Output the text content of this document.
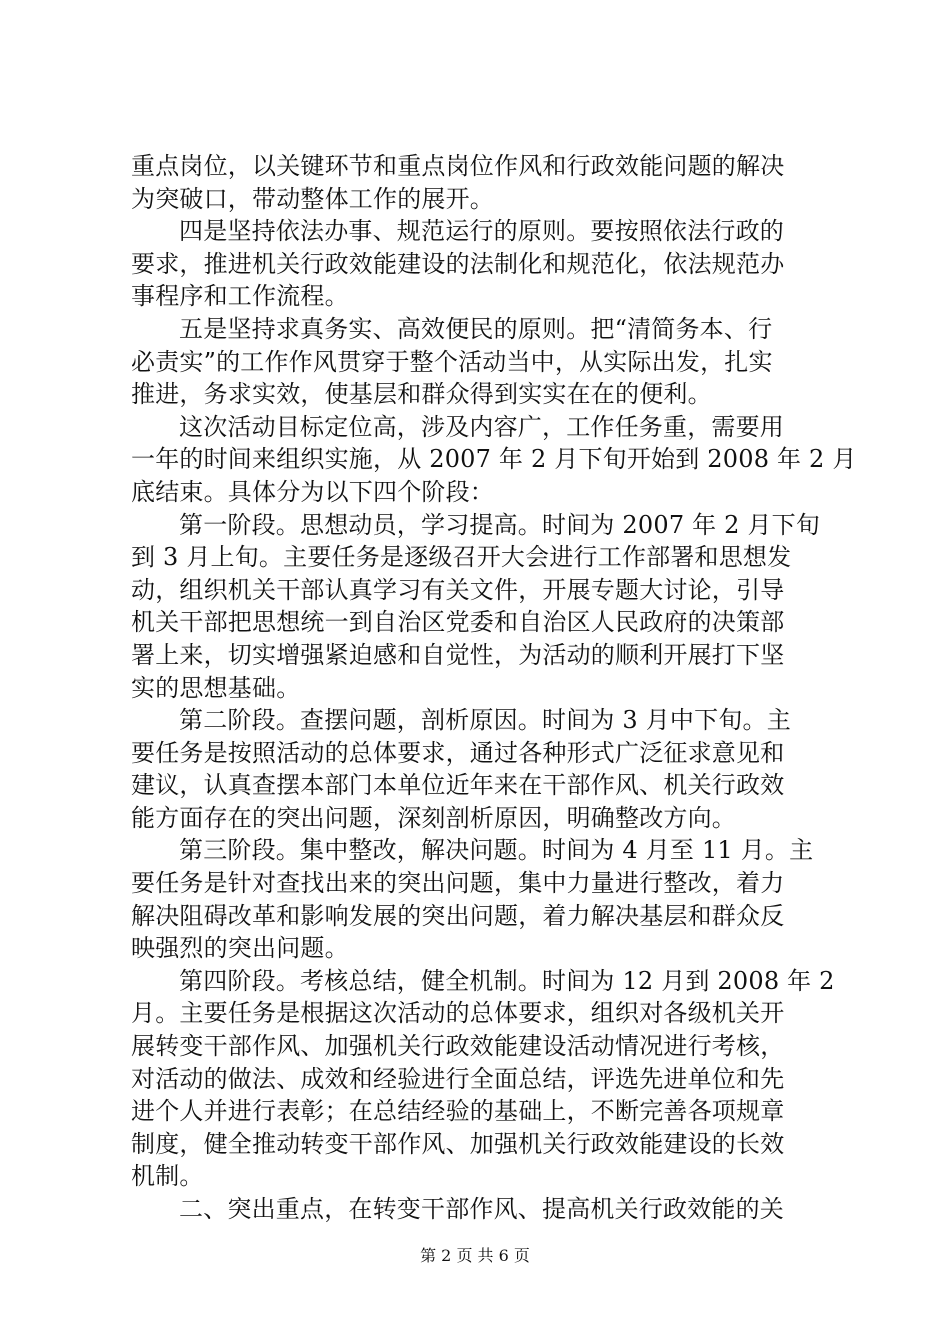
重点岗位，以关键环节和重点岗位作风和行政效能问题的解决
为突破口，带动整体工作的展开。
四是坚持依法办事、规范运行的原则。要按照依法行政的
要求，推进机关行政效能建设的法制化和规范化，依法规范办
事程序和工作流程。
五是坚持求真务实、高效便民的原则。把“清简务本、行
必责实”的工作作风贯穿于整个活动当中，从实际出发，扎实
推进，务求实效，使基层和群众得到实实在在的便利。
这次活动目标定位高，涉及内容广，工作任务重，需要用
一年的时间来组织实施，从 2007 年 2 月下旬开始到 2008 年 2 月
底结束。具体分为以下四个阶段：
第一阶段。思想动员，学习提高。时间为 2007 年 2 月下旬
到 3 月上旬。主要任务是逐级召开大会进行工作部署和思想发
动，组织机关干部认真学习有关文件，开展专题大讨论，引导
机关干部把思想统一到自治区党委和自治区人民政府的决策部
署上来，切实增强紧迫感和自觉性，为活动的顺利开展打下坚
实的思想基础。
第二阶段。查摆问题，剖析原因。时间为 3 月中下旬。主
要任务是按照活动的总体要求，通过各种形式广泛征求意见和
建议，认真查摆本部门本单位近年来在干部作风、机关行政效
能方面存在的突出问题，深刻剖析原因，明确整改方向。
第三阶段。集中整改，解决问题。时间为 4 月至 11 月。主
要任务是针对查找出来的突出问题，集中力量进行整改，着力
解决阻碍改革和影响发展的突出问题，着力解决基层和群众反
映强烈的突出问题。
第四阶段。考核总结，健全机制。时间为 12 月到 2008 年 2
月。主要任务是根据这次活动的总体要求，组织对各级机关开
展转变干部作风、加强机关行政效能建设活动情况进行考核，
对活动的做法、成效和经验进行全面总结，评选先进单位和先
进个人并进行表彰；在总结经验的基础上，不断完善各项规章
制度，健全推动转变干部作风、加强机关行政效能建设的长效
机制。
二、突出重点，在转变干部作风、提高机关行政效能的关
第 2 页 共 6 页
